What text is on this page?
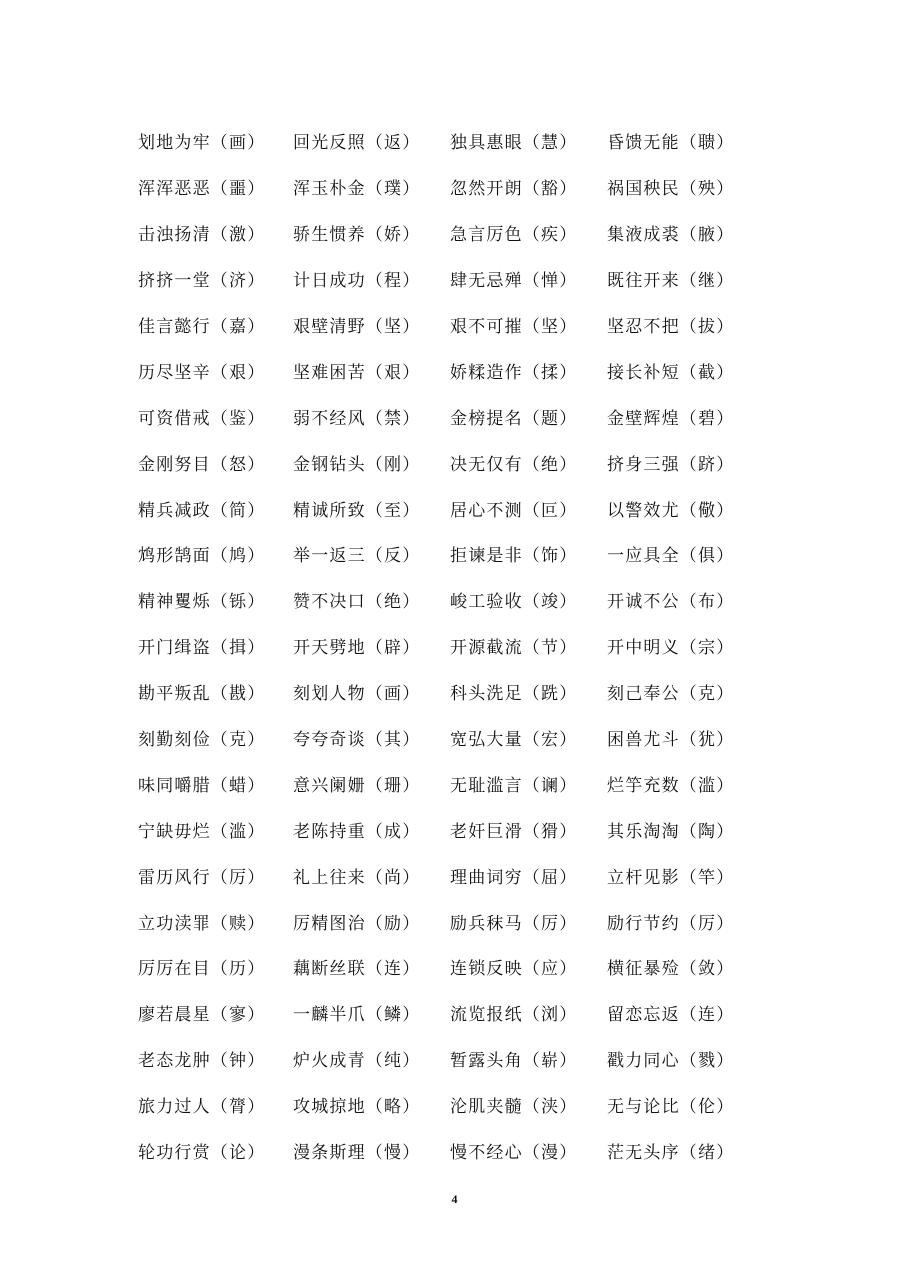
划地为牢（画）	回光反照（返）	独具惠眼（慧）	昏馈无能（聩）
浑浑恶恶（噩）	浑玉朴金（璞）	忽然开朗（豁）	祸国秧民（殃）
击浊扬清（激）	骄生惯养（娇）	急言厉色（疾）	集液成裘（腋）
挤挤一堂（济）	计日成功（程）	肆无忌殚（惮）	既往开来（继）
佳言懿行（嘉）	艰壁清野（坚）	艰不可摧（坚）	坚忍不把（拔）
历尽坚辛（艰）	坚难困苦（艰）	娇糅造作（揉）	接长补短（截）
可资借戒（鉴）	弱不经风（禁）	金榜提名（题）	金壁辉煌（碧）
金刚努目（怒）	金钢钻头（刚）	决无仅有（绝）	挤身三强（跻）
精兵减政（简）	精诚所致（至）	居心不测（叵）	以警效尤（儆）
鸩形鹄面（鸠）	举一返三（反）	拒谏是非（饰）	一应具全（俱）
精神矍烁（铄）	赞不决口（绝）	峻工验收（竣）	开诚不公（布）
开门缉盗（揖）	开天劈地（辟）	开源截流（节）	开中明义（宗）
勘平叛乱（戡）	刻划人物（画）	科头洗足（跣）	刻己奉公（克）
刻勤刻俭（克）	夸夸奇谈（其）	宽弘大量（宏）	困兽尤斗（犹）
味同嚼腊（蜡）	意兴阑姗（珊）	无耻滥言（谰）	烂竽充数（滥）
宁缺毋烂（滥）	老陈持重（成）	老奸巨滑（猾）	其乐淘淘（陶）
雷历风行（厉）	礼上往来（尚）	理曲词穷（屈）	立杆见影（竿）
立功渎罪（赎）	厉精图治（励）	励兵秣马（厉）	励行节约（厉）
厉厉在目（历）	藕断丝联（连）	连锁反映（应）	横征暴殓（敛）
廖若晨星（寥）	一麟半爪（鳞）	流览报纸（浏）	留恋忘返（连）
老态龙肿（钟）	炉火成青（纯）	暂露头角（崭）	戳力同心（戮）
旅力过人（膂）	攻城掠地（略）	沦肌夹髓（浃）	无与论比（伦）
轮功行赏（论）	漫条斯理（慢）	慢不经心（漫）	茫无头序（绪）
4
